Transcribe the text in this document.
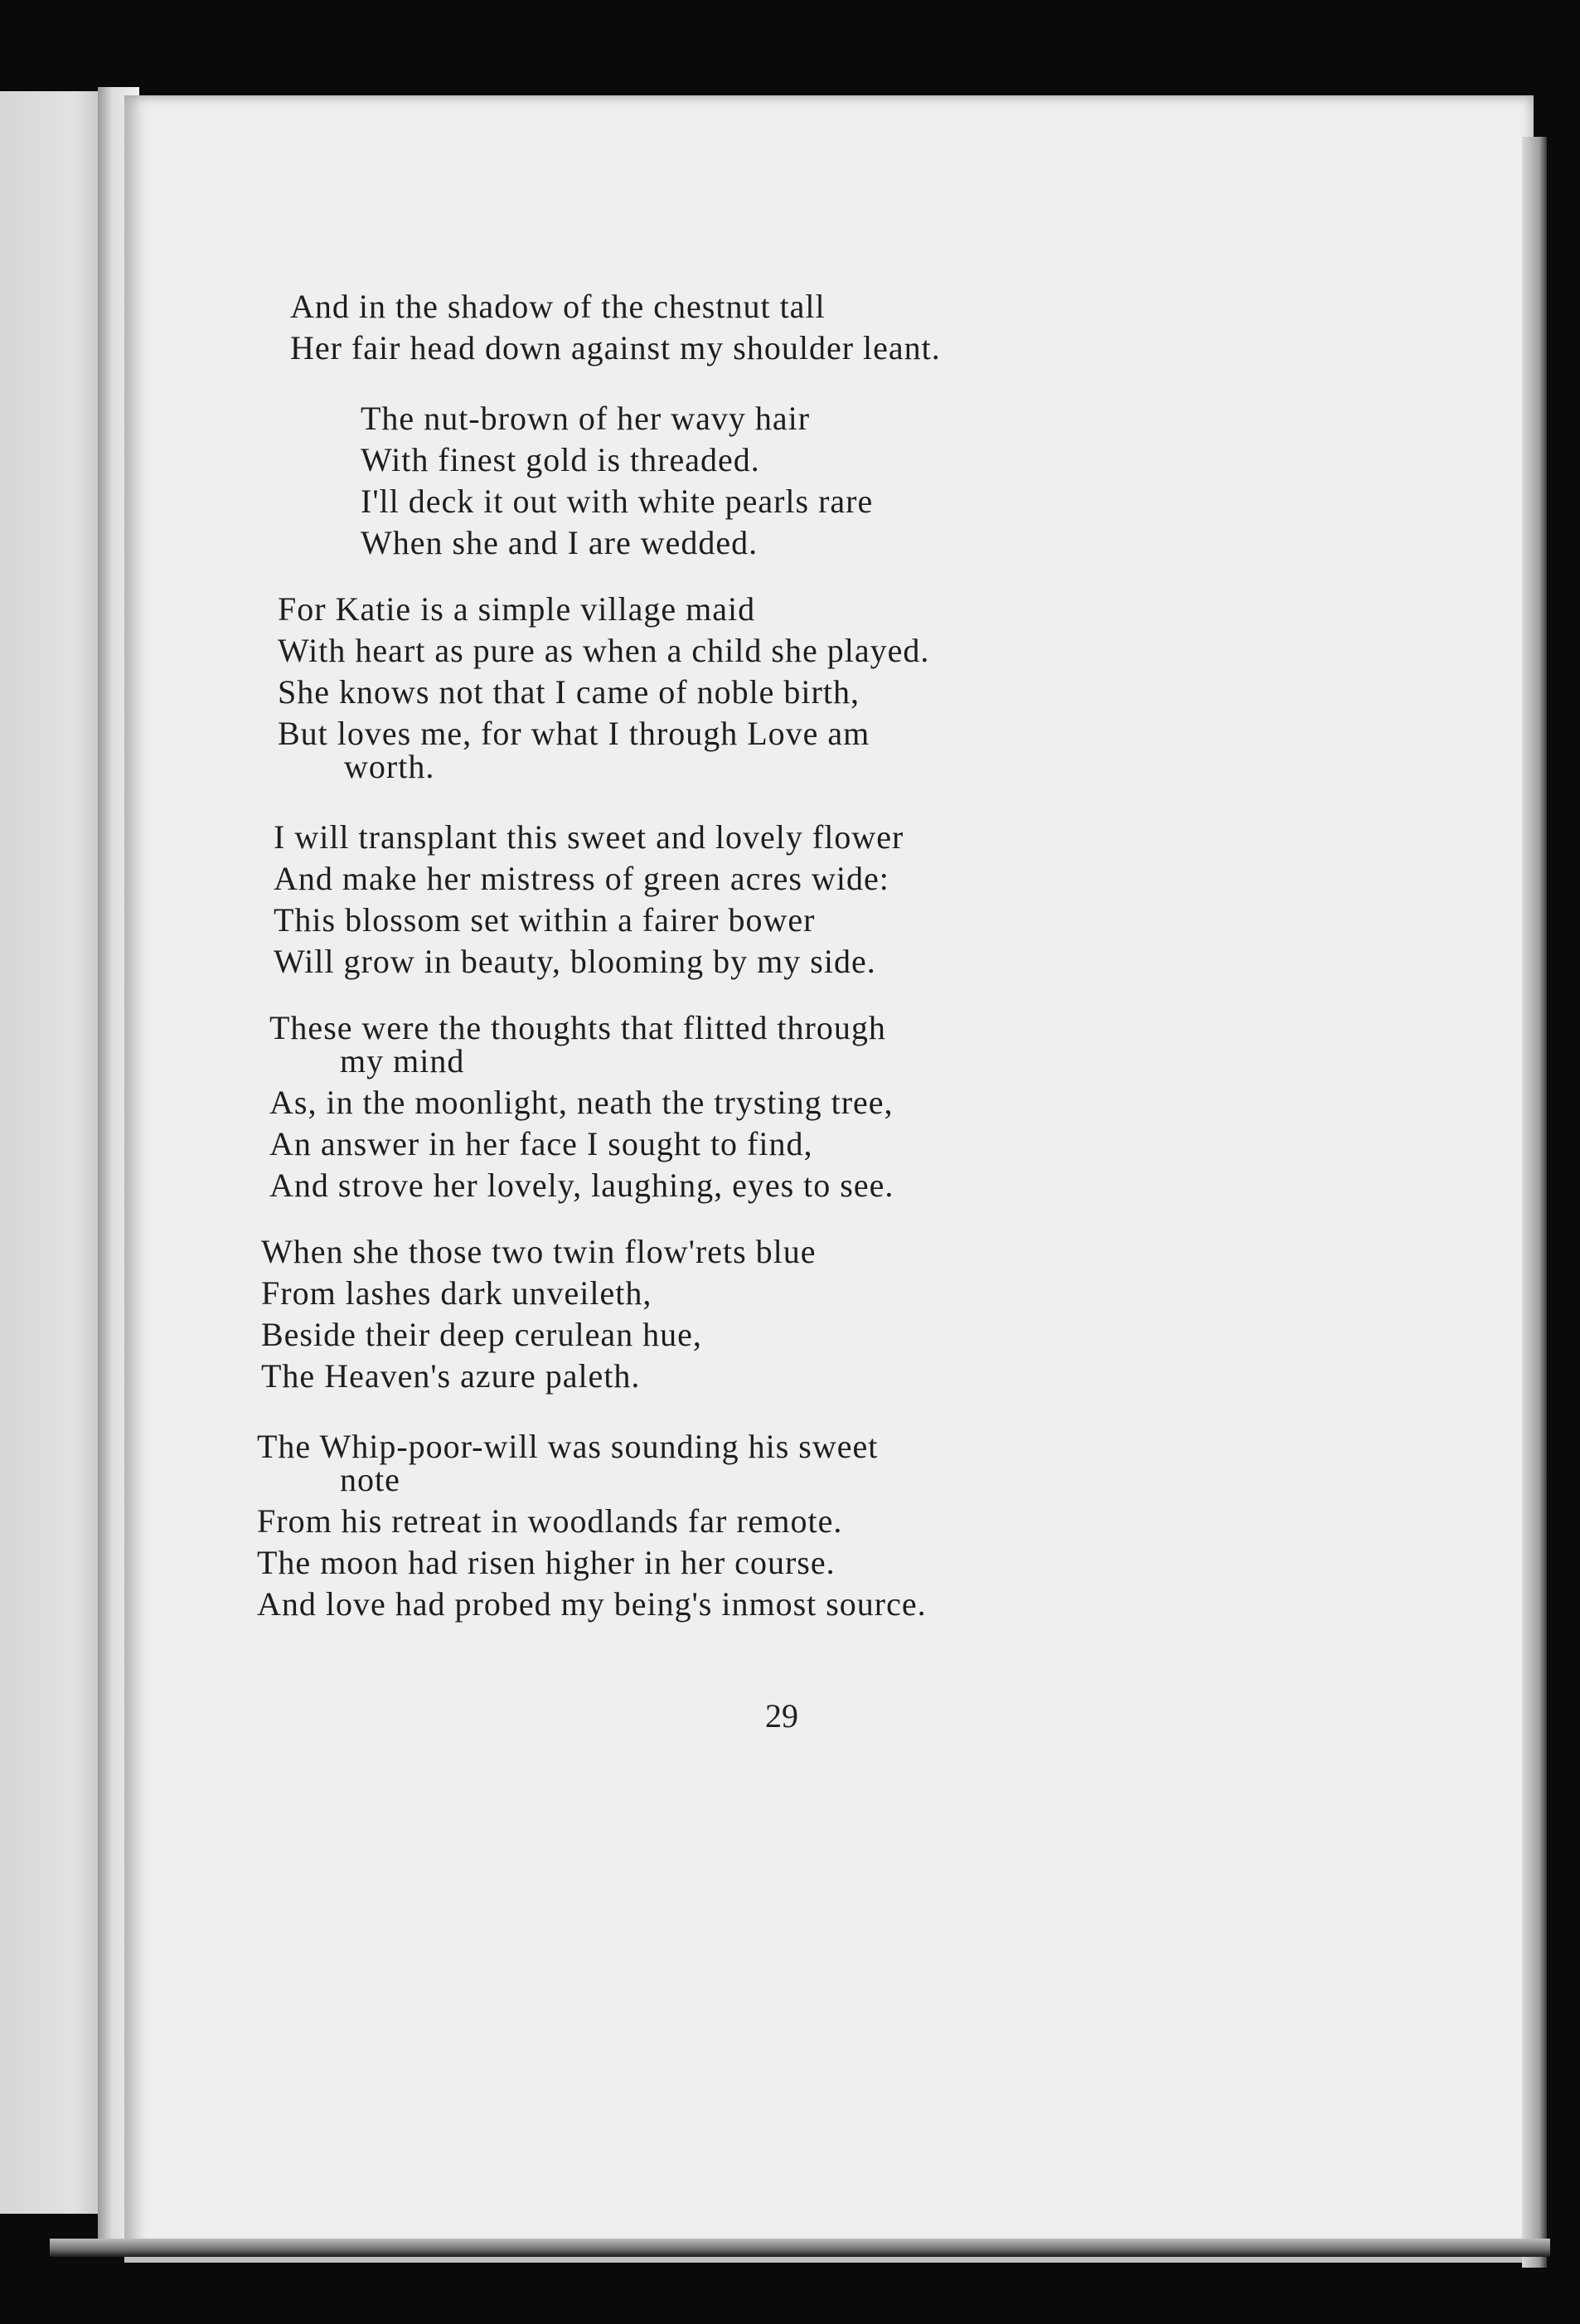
And in the shadow of the chestnut tall
Her fair head down against my shoulder leant.
The nut-brown of her wavy hair
With finest gold is threaded.
I'll deck it out with white pearls rare
When she and I are wedded.
For Katie is a simple village maid
With heart as pure as when a child she played.
She knows not that I came of noble birth,
But loves me, for what I through Love am
worth.
I will transplant this sweet and lovely flower
And make her mistress of green acres wide:
This blossom set within a fairer bower
Will grow in beauty, blooming by my side.
These were the thoughts that flitted through
my mind
As, in the moonlight, neath the trysting tree,
An answer in her face I sought to find,
And strove her lovely, laughing, eyes to see.
When she those two twin flow'rets blue
From lashes dark unveileth,
Beside their deep cerulean hue,
The Heaven's azure paleth.
The Whip-poor-will was sounding his sweet
note
From his retreat in woodlands far remote.
The moon had risen higher in her course.
And love had probed my being's inmost source.
29
